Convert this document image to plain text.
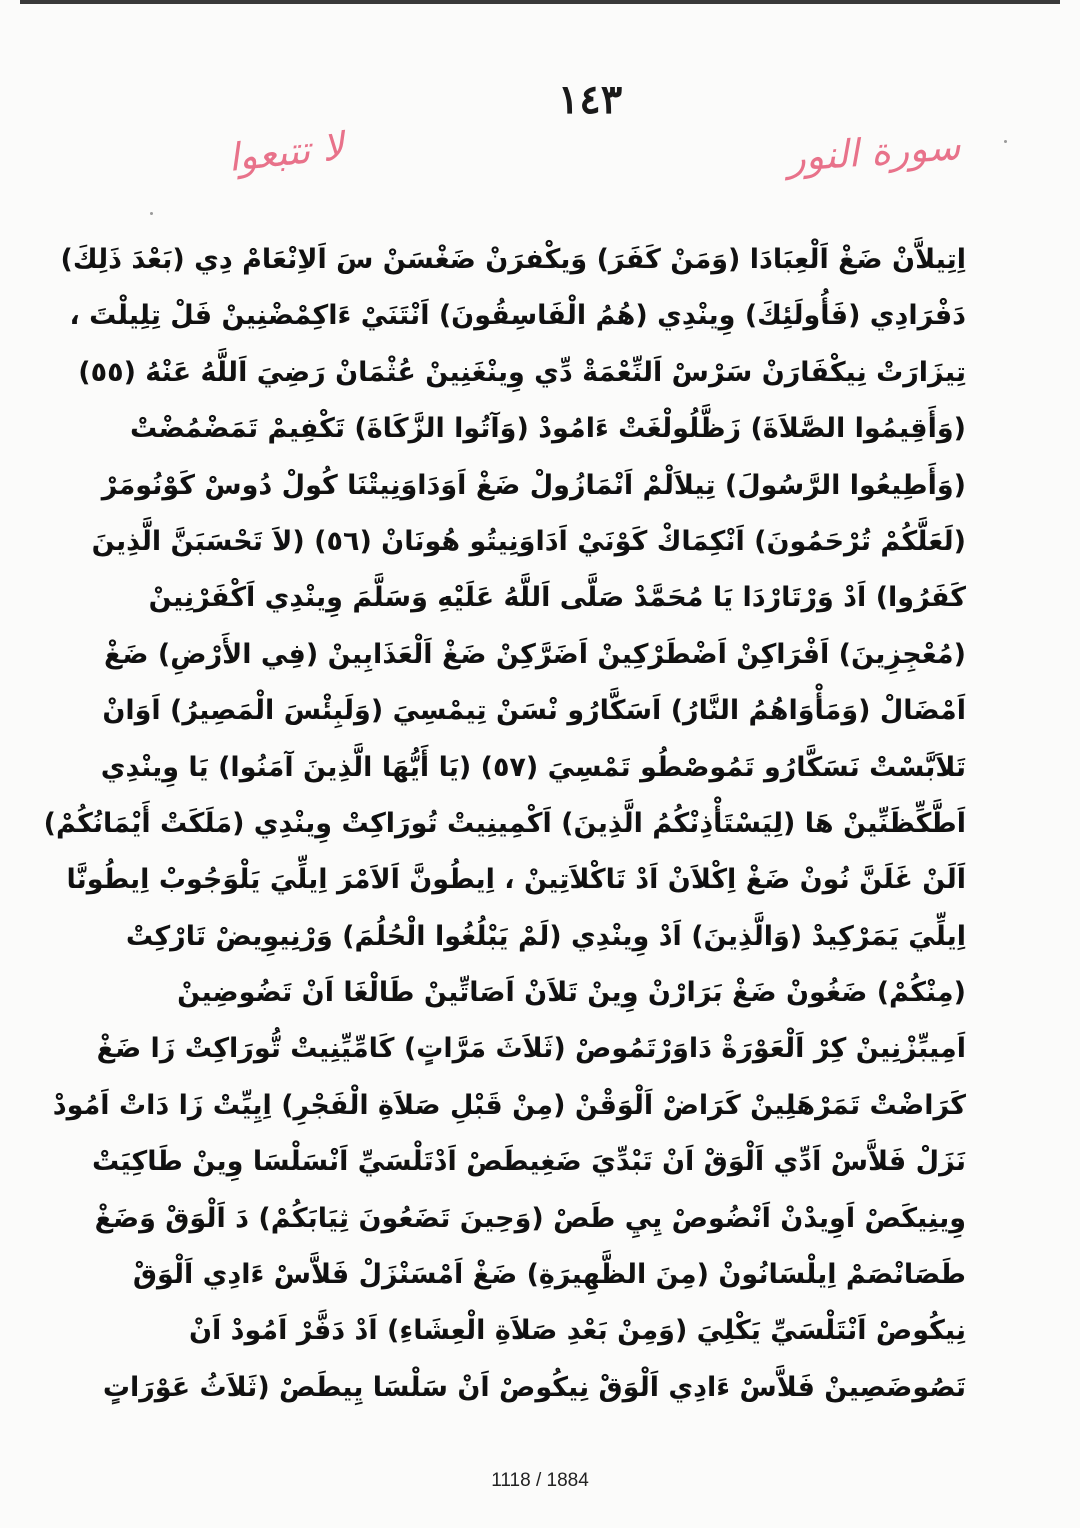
١٤٣
سورة النور
لا تتبعوا
اِتِيلاَّنْ ضَغْ اَلْعِبَادَا (وَمَنْ كَفَرَ) وَيكْفرَنْ ضَغْسَنْ سَ اَلاِنْعَامْ دِي (بَعْدَ ذَلِكَ)
دَفْرَادِي (فَأُولَئِكَ) وِينْدِي (هُمُ الْفَاسِقُونَ) اَنْتَنَيْ ءَاكِمْضْنِينْ فَلْ تِلِيلْتَ ،
تِيزَارَتْ نِيكْفَارَنْ سَرْسْ اَلنِّعْمَةْ دِّي وِينْغَنِينْ عُثْمَانْ رَضِيَ اَللَّهُ عَنْهُ (٥٥)
(وَأَقِيمُوا الصَّلاَةَ) زَظَّلُولْغَتْ ءَامُودْ (وَآتُوا الزَّكَاةَ) تَكْفِيمْ تَمَضْمُضْتْ
(وَأَطِيعُوا الرَّسُولَ) تِيلاَلْمْ اَنْمَازُولْ ضَغْ اَوَدَاوَنِيتْنَا كُولْ دُوسْ كَوْنُومَرْ
(لَعَلَّكُمْ تُرْحَمُونَ) اَنْكِمَاكْ كَوْنَيْ اَدَاوَنِيتُو هُونَانْ (٥٦) (لاَ تَحْسَبَنَّ الَّذِينَ
كَفَرُوا) اَدْ وَرْتَارْدَا يَا مُحَمَّدْ صَلَّى اَللَّهُ عَلَيْهِ وَسَلَّمَ وِينْدِي اَكْفَرْنِينْ
(مُعْجِزِينَ) اَفْرَاكِنْ اَضْطَرْكِينْ اَضَرَّكِنْ ضَغْ اَلْعَذَابِينْ (فِي الأَرْضِ) ضَغْ
اَمْضَالْ (وَمَأْوَاهُمُ النَّارُ) اَسَكَّارُو نْسَنْ تِيمْسِيَ (وَلَبِئْسَ الْمَصِيرُ) اَوَانْ
تَلاَبَّسْتْ نَسَكَّارُو تَمُوصْطُو تَمْسِيَ (٥٧) (يَا أَيُّهَا الَّذِينَ آمَنُوا) يَا وِينْدِي
اَطَّكِّظَنِّينْ هَا (لِيَسْتَأْذِنْكُمُ الَّذِينَ) اَكْمِينِيتْ تُورَاكِتْ وِينْدِي (مَلَكَتْ أَيْمَانُكُمْ)
اَلَنْ غَلَنَّ نُونْ ضَغْ اِكْلاَنْ اَدْ تَاكْلاَتِينْ ، اِيطُونَّ اَلاَمْرَ اِيلِّيَ يَلْوَجُوبْ اِيطُونَّا
اِيلِّيَ يَمَرْكِيدْ (وَالَّذِينَ) اَدْ وِينْدِي (لَمْ يَبْلُغُوا الْحُلُمَ) وَرْنِيوِيضْ تَارْكِتْ
(مِنْكُمْ) ضَغُونْ ضَغْ بَرَارْنْ وِينْ تَلاَنْ اَصَاتِّينْ طَالْغَا اَنْ تَضُوضِينْ
اَمِيبِّزْنِينْ كِرْ اَلْعَوْرَةْ دَاوَرْتَمُوصْ (ثَلاَثَ مَرَّاتٍ) كَامِّيِّنِيتْ تُّورَاكِتْ زَا ضَغْ
كَرَاضْتْ تَمَرْهَلِينْ كَرَاضْ اَلْوَقْنْ (مِنْ قَبْلِ صَلاَةِ الْفَجْرِ) اِيِيِّتْ زَا دَاتْ اَمُودْ
نَزَلْ فَلاَّسْ اَدِّي اَلْوَقْ اَنْ تَبْدِّيَ ضَغِيطَصْ اَدْتَلْسَيِّ اَنْسَلْسَا وِينْ طَاكِيَتْ
وِينِيكَصْ اَوِيدْنْ اَنْضُوصْ يِيِ طَصْ (وَحِينَ تَضَعُونَ ثِيَابَكُمْ) دَ اَلْوَقْ وَضَغْ
طَصَانْصَمْ اِيلْسَانُونْ (مِنَ الظَّهِيرَةِ) ضَغْ اَمْسَنْزَلْ فَلاَّسْ ءَادِي اَلْوَقْ
نِيكُوصْ اَنْتَلْسَيِّ يَكْلِيَ (وَمِنْ بَعْدِ صَلاَةِ الْعِشَاءِ) اَدْ دَفَّرْ اَمُودْ اَنْ
تَصُوضَصِينْ فَلاَّسْ ءَادِي اَلْوَقْ نِيكُوصْ اَنْ سَلْسَا يِيطَصْ (ثَلاَثُ عَوْرَاتٍ
1118 / 1884
